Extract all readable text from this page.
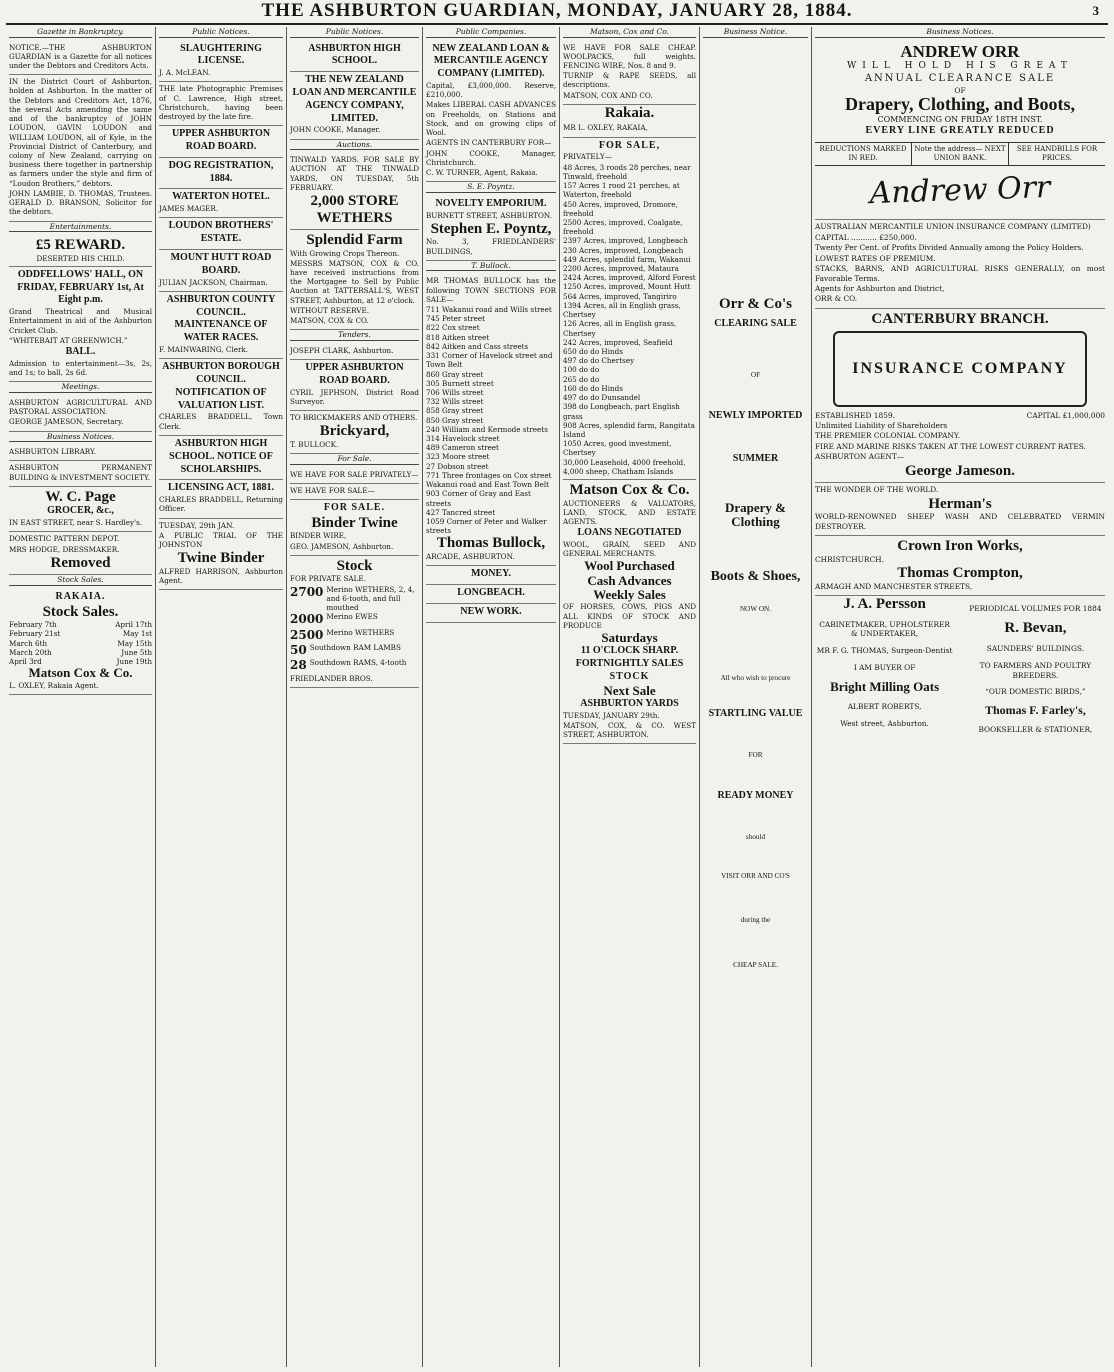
THE ASHBURTON GUARDIAN, MONDAY, JANUARY 28, 1884.	3
Gazette in Bankruptcy.

NOTICE.—THE ASHBURTON GUARDIAN is a Gazette for all notices under the Debtors and Creditors Acts.

IN the District Court of Ashburton, holden at Ashburton. In the matter of the Debtors and Creditors Act, 1876, the several Acts amending the same and of the bankruptcy of JOHN LOUDON, GAVIN LOUDON and WILLIAM LOUDON, all of Kyle, in the Provincial District of Canterbury, and colony of New Zealand, carrying on business there together in partnership as farmers under the style and firm of “Loudon Brothers,” debtors.

JOHN LAMBIE, D. THOMAS, Trustees. GERALD D. BRANSON, Solicitor for the debtors.

Entertainments.
£5 REWARD.
DESERTED HIS CHILD.
ODDFELLOWS' HALL, ON FRIDAY, FEBRUARY 1st, At Eight p.m.

Grand Theatrical and Musical Entertainment in aid of the Ashburton Cricket Club.

“WHITEBAIT AT GREENWICH.”

BALL.

Admission to entertainment—3s, 2s, and 1s; to ball, 2s 6d.

Meetings.

ASHBURTON AGRICULTURAL AND PASTORAL ASSOCIATION.

GEORGE JAMESON, Secretary.

Business Notices.

ASHBURTON LIBRARY.

ASHBURTON PERMANENT BUILDING & INVESTMENT SOCIETY.

W. C. Page
GROCER, &c.,

IN EAST STREET, near S. Hardley's.

DOMESTIC PATTERN DEPOT.

MRS HODGE, DRESSMAKER.

Removed
Stock Sales.
RAKAIA.
Stock Sales.
February 7th	April 17th
February 21st	May 1st
March 6th	May 15th
March 20th	June 5th
April 3rd	June 19th
Matson Cox & Co.

L. OXLEY, Rakaia Agent.

Public Notices.
SLAUGHTERING LICENSE.

J. A. McLEAN.

THE late Photographic Premises of C. Lawrence, High street, Christchurch, having been destroyed by the late fire.

UPPER ASHBURTON ROAD BOARD.
DOG REGISTRATION, 1884.
WATERTON HOTEL.

JAMES MAGER.

LOUDON BROTHERS' ESTATE.
MOUNT HUTT ROAD BOARD.

JULIAN JACKSON, Chairman.

ASHBURTON COUNTY COUNCIL. MAINTENANCE OF WATER RACES.

F. MAINWARING, Clerk.

ASHBURTON BOROUGH COUNCIL. NOTIFICATION OF VALUATION LIST.

CHARLES BRADDELL, Town Clerk.

ASHBURTON HIGH SCHOOL. NOTICE OF SCHOLARSHIPS.
LICENSING ACT, 1881.

CHARLES BRADDELL, Returning Officer.

TUESDAY, 29th JAN.

A PUBLIC TRIAL OF THE JOHNSTON

Twine Binder

ALFRED HARRISON, Ashburton Agent.

Public Notices.
ASHBURTON HIGH SCHOOL.
THE NEW ZEALAND LOAN AND MERCANTILE AGENCY COMPANY, LIMITED.

JOHN COOKE, Manager.

Auctions.

TINWALD YARDS. FOR SALE BY AUCTION AT THE TINWALD YARDS, ON TUESDAY, 5th FEBRUARY.

2,000 STORE WETHERS
Splendid Farm

With Growing Crops Thereon.

MESSRS MATSON, COX & CO. have received instructions from the Mortgagee to Sell by Public Auction at TATTERSALL'S, WEST STREET, Ashburton, at 12 o'clock.

WITHOUT RESERVE.

MATSON, COX & CO.

Tenders.

JOSEPH CLARK, Ashburton.

UPPER ASHBURTON ROAD BOARD.

CYRIL JEPHSON, District Road Surveyor.

TO BRICKMAKERS AND OTHERS.

Brickyard,

T. BULLOCK.

For Sale.

WE HAVE FOR SALE PRIVATELY—

WE HAVE FOR SALE—

FOR SALE.
Binder Twine

BINDER WIRE,

GEO. JAMESON, Ashburton.

Stock

FOR PRIVATE SALE.

2700 Merino WETHERS, 2, 4, and 6-tooth, and full mouthed
2000 Merino EWES
2500 Merino WETHERS
50 Southdown RAM LAMBS
28 Southdown RAMS, 4-tooth

FRIEDLANDER BROS.

Public Companies.
NEW ZEALAND LOAN & MERCANTILE AGENCY COMPANY (LIMITED).

Capital, £3,000,000. Reserve, £210,000.

Makes LIBERAL CASH ADVANCES on Freeholds, on Stations and Stock, and on growing clips of Wool.

AGENTS IN CANTERBURY FOR—

JOHN COOKE, Manager, Christchurch.

C. W. TURNER, Agent, Rakaia.

S. E. Poyntz.
NOVELTY EMPORIUM.

BURNETT STREET, ASHBURTON.

Stephen E. Poyntz,

No. 3, FRIEDLANDERS' BUILDINGS,

T. Bullock.

MR THOMAS BULLOCK has the following TOWN SECTIONS FOR SALE—

711 Wakanui road and Wills street
745 Peter street
822 Cox street
818 Aitken street
842 Aitken and Cass streets
331 Corner of Havelock street and Town Belt
860 Gray street
305 Burnett street
706 Wills street
732 Wills street
858 Gray street
850 Gray street
240 William and Kermode streets
314 Havelock street
489 Cameron street
323 Moore street
27 Dobson street
771 Three frontages on Cox street Wakanui road and East Town Belt
903 Corner of Gray and East streets
427 Tancred street
1059 Corner of Peter and Walker streets
Thomas Bullock,

ARCADE, ASHBURTON.

MONEY.
LONGBEACH.
NEW WORK.
Matson, Cox and Co.

WE HAVE FOR SALE CHEAP. WOOLPACKS, full weights. FENCING WIRE, Nos. 8 and 9.

TURNIP & RAPE SEEDS, all descriptions.

MATSON, COX AND CO.

Rakaia.

MR L. OXLEY, RAKAIA,

FOR SALE,

PRIVATELY—

48 Acres, 3 roods 28 perches, near Tinwald, freehold
157 Acres 1 rood 21 perches, at Waterton, freehold
450 Acres, improved, Dromore, freehold
2500 Acres, improved, Coalgate, freehold
2397 Acres, improved, Longbeach
230 Acres, improved, Longbeach
449 Acres, splendid farm, Wakanui
2200 Acres, improved, Mataura
2424 Acres, improved, Alford Forest
1250 Acres, improved, Mount Hutt
564 Acres, improved, Tangiriro
1394 Acres, all in English grass, Chertsey
126 Acres, all in English grass, Chertsey
242 Acres, improved, Seafield
650 do do Hinds
497 do do Chertsey
100 do do
265 do do
160 do do Hinds
497 do do Dunsandel
398 do Longbeach, part English grass
908 Acres, splendid farm, Rangitata Island
1050 Acres, good investment, Chertsey
30,000 Leasehold, 4000 freehold, 4,000 sheep, Chatham Islands
Matson Cox & Co.

AUCTIONEERS & VALUATORS, LAND, STOCK, AND ESTATE AGENTS.

LOANS NEGOTIATED

WOOL, GRAIN, SEED AND GENERAL MERCHANTS.

Wool Purchased
Cash Advances
Weekly Sales

OF HORSES, COWS, PIGS AND ALL KINDS OF STOCK AND PRODUCE

Saturdays
11 O'CLOCK SHARP.
FORTNIGHTLY SALES
STOCK
Next Sale
ASHBURTON YARDS

TUESDAY, JANUARY 29th.

MATSON, COX, & CO. WEST STREET, ASHBURTON.

Business Notice.
Orr & Co's
CLEARING SALE
OF
NEWLY IMPORTED
SUMMER
Drapery & Clothing
Boots & Shoes,
NOW ON.
All who wish to procure
STARTLING VALUE
FOR
READY MONEY
should
VISIT ORR AND CO'S
during the
CHEAP SALE.
Business Notices.
ANDREW ORR
WILL HOLD HIS GREAT
ANNUAL CLEARANCE SALE
OF
Drapery, Clothing, and Boots,
COMMENCING ON FRIDAY 18TH INST.
EVERY LINE GREATLY REDUCED
REDUCTIONS MARKED IN RED.
Note the address— NEXT UNION BANK.
SEE HANDBILLS FOR PRICES.
Andrew Orr

AUSTRALIAN MERCANTILE UNION INSURANCE COMPANY (LIMITED)

CAPITAL ........... £250,000.

Twenty Per Cent. of Profits Divided Annually among the Policy Holders.

LOWEST RATES OF PREMIUM.

STACKS, BARNS, AND AGRICULTURAL RISKS GENERALLY, on most Favorable Terms.

Agents for Ashburton and District,

ORR & CO.

CANTERBURY BRANCH.
INSURANCE COMPANY
ESTABLISHED 1859.	CAPITAL £1,000,000

Unlimited Liability of Shareholders

THE PREMIER COLONIAL COMPANY.

FIRE AND MARINE RISKS TAKEN AT THE LOWEST CURRENT RATES.

ASHBURTON AGENT—

George Jameson.

THE WONDER OF THE WORLD.

Herman's

WORLD-RENOWNED SHEEP WASH AND CELEBRATED VERMIN DESTROYER.

Crown Iron Works,

CHRISTCHURCH.

Thomas Crompton,

ARMAGH AND MANCHESTER STREETS,

J. A. Persson

CABINETMAKER, UPHOLSTERER & UNDERTAKER,

MR F. G. THOMAS, Surgeon-Dentist

I AM BUYER OF

Bright Milling Oats

ALBERT ROBERTS,

West street, Ashburton.

PERIODICAL VOLUMES FOR 1884

R. Bevan,

SAUNDERS' BUILDINGS.

TO FARMERS AND POULTRY BREEDERS.

“OUR DOMESTIC BIRDS,”

Thomas F. Farley's,

BOOKSELLER & STATIONER,
